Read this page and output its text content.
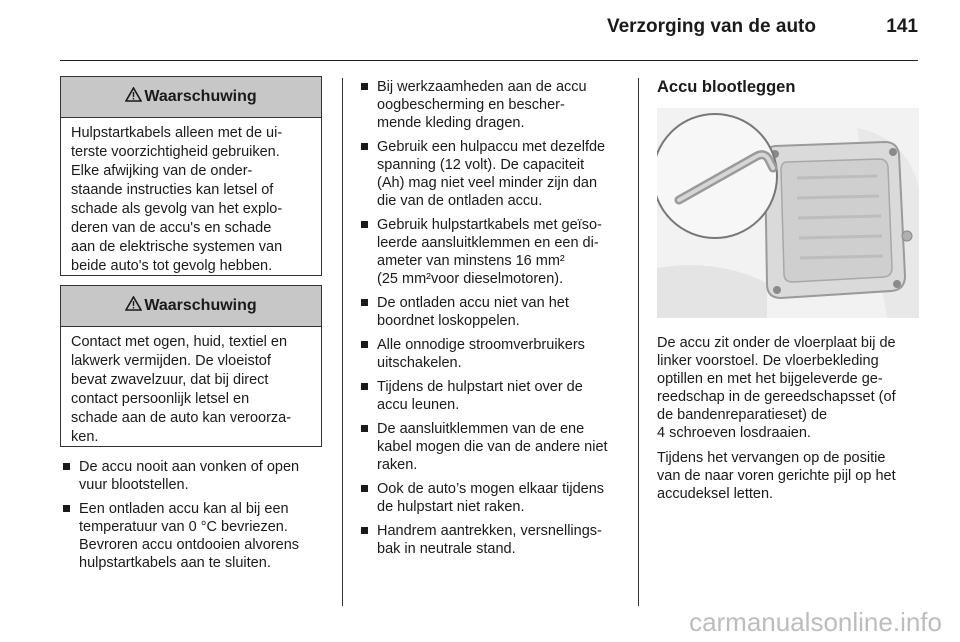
Verzorging van de auto	141
Waarschuwing
Hulpstartkabels alleen met de ui-
terste voorzichtigheid gebruiken.
Elke afwijking van de onder-
staande instructies kan letsel of
schade als gevolg van het explo-
deren van de accu's en schade
aan de elektrische systemen van
beide auto's tot gevolg hebben.
Waarschuwing
Contact met ogen, huid, textiel en
lakwerk vermijden. De vloeistof
bevat zwavelzuur, dat bij direct
contact persoonlijk letsel en
schade aan de auto kan veroorza-
ken.
De accu nooit aan vonken of open
vuur blootstellen.
Een ontladen accu kan al bij een
temperatuur van 0 °C bevriezen.
Bevroren accu ontdooien alvorens
hulpstartkabels aan te sluiten.
Bij werkzaamheden aan de accu
oogbescherming en bescher-
mende kleding dragen.
Gebruik een hulpaccu met dezelfde
spanning (12 volt). De capaciteit
(Ah) mag niet veel minder zijn dan
die van de ontladen accu.
Gebruik hulpstartkabels met geïso-
leerde aansluitklemmen en een di-
ameter van minstens 16 mm²
(25 mm²voor dieselmotoren).
De ontladen accu niet van het
boordnet loskoppelen.
Alle onnodige stroomverbruikers
uitschakelen.
Tijdens de hulpstart niet over de
accu leunen.
De aansluitklemmen van de ene
kabel mogen die van de andere niet
raken.
Ook de auto’s mogen elkaar tijdens
de hulpstart niet raken.
Handrem aantrekken, versnellings-
bak in neutrale stand.
Accu blootleggen

De accu zit onder de vloerplaat bij de
linker voorstoel. De vloerbekleding
optillen en met het bijgeleverde ge-
reedschap in de gereedschapsset (of
de bandenreparatieset) de
4 schroeven losdraaien.

Tijdens het vervangen op de positie
van de naar voren gerichte pijl op het
accudeksel letten.

carmanualsonline.info
